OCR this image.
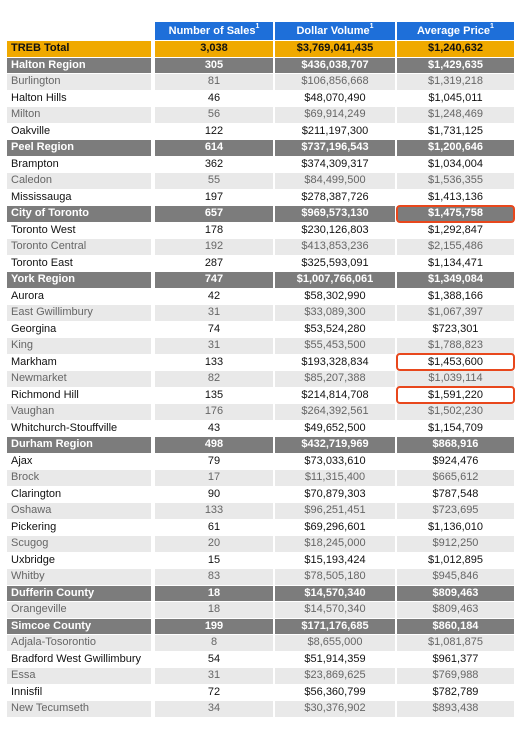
Number of Sales$^1$	Dollar Volume$^1$	Average Price$^1$
TREB Total	3,038	$3,769,041,435	$1,240,632
Halton Region	305	$436,038,707	$1,429,635
Burlington	81	$106,856,668	$1,319,218
Halton Hills	46	$48,070,490	$1,045,011
Milton	56	$69,914,249	$1,248,469
Oakville	122	$211,197,300	$1,731,125
Peel Region	614	$737,196,543	$1,200,646
Brampton	362	$374,309,317	$1,034,004
Caledon	55	$84,499,500	$1,536,355
Mississauga	197	$278,387,726	$1,413,136
City of Toronto	657	$969,573,130	$1,475,758
Toronto West	178	$230,126,803	$1,292,847
Toronto Central	192	$413,853,236	$2,155,486
Toronto East	287	$325,593,091	$1,134,471
York Region	747	$1,007,766,061	$1,349,084
Aurora	42	$58,302,990	$1,388,166
East Gwillimbury	31	$33,089,300	$1,067,397
Georgina	74	$53,524,280	$723,301
King	31	$55,453,500	$1,788,823
Markham	133	$193,328,834	$1,453,600
Newmarket	82	$85,207,388	$1,039,114
Richmond Hill	135	$214,814,708	$1,591,220
Vaughan	176	$264,392,561	$1,502,230
Whitchurch-Stouffville	43	$49,652,500	$1,154,709
Durham Region	498	$432,719,969	$868,916
Ajax	79	$73,033,610	$924,476
Brock	17	$11,315,400	$665,612
Clarington	90	$70,879,303	$787,548
Oshawa	133	$96,251,451	$723,695
Pickering	61	$69,296,601	$1,136,010
Scugog	20	$18,245,000	$912,250
Uxbridge	15	$15,193,424	$1,012,895
Whitby	83	$78,505,180	$945,846
Dufferin County	18	$14,570,340	$809,463
Orangeville	18	$14,570,340	$809,463
Simcoe County	199	$171,176,685	$860,184
Adjala-Tosorontio	8	$8,655,000	$1,081,875
Bradford West Gwillimbury	54	$51,914,359	$961,377
Essa	31	$23,869,625	$769,988
Innisfil	72	$56,360,799	$782,789
New Tecumseth	34	$30,376,902	$893,438
